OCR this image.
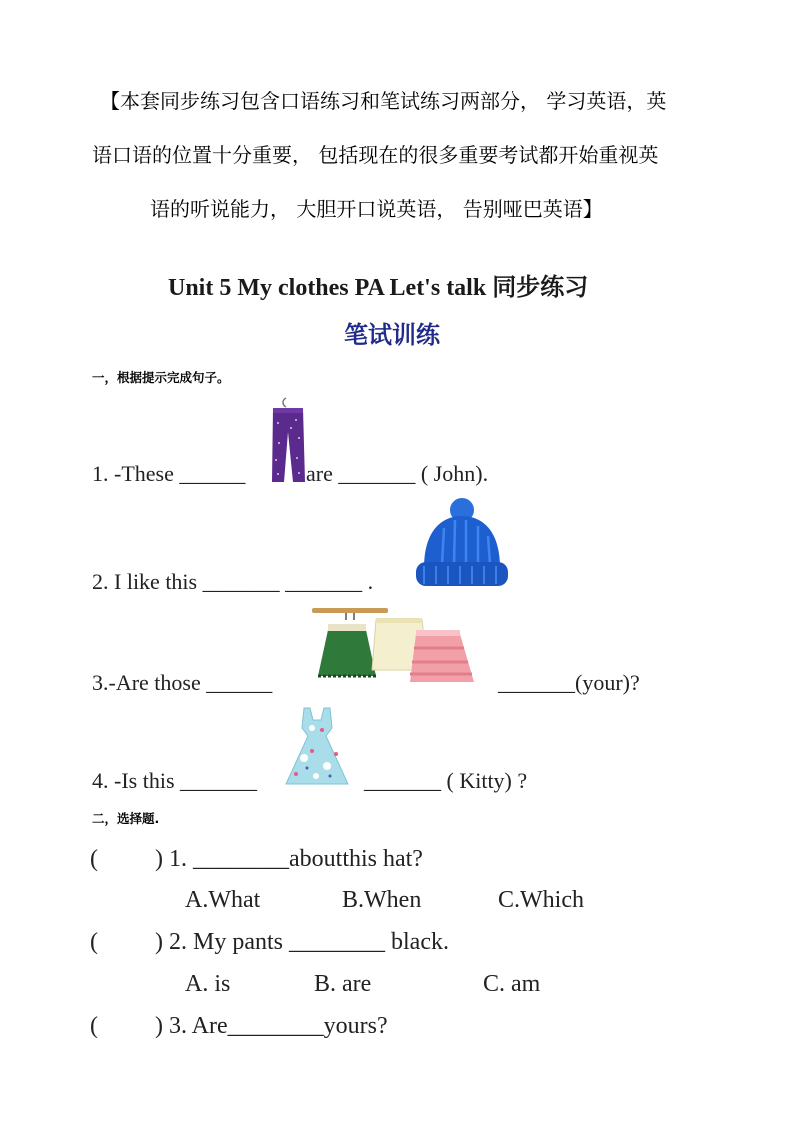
【本套同步练习包含口语练习和笔试练习两部分， 学习英语，英
语口语的位置十分重要， 包括现在的很多重要考试都开始重视英
语的听说能力， 大胆开口说英语， 告别哑巴英语】
Unit 5 My clothes PA Let's talk 同步练习
笔试训练
一，根据提示完成句子。
1. -These ______	are _______ ( John).
2. I like this _______ _______ .
3.-Are those ______	_______(your)?
4. -Is this _______	_______ ( Kitty) ?
二，选择题.
( ) 1. ________aboutthis hat?
A.What	B.When	C.Which
( ) 2. My pants ________ black.
A. is	B. are	C. am
( ) 3. Are________yours?
